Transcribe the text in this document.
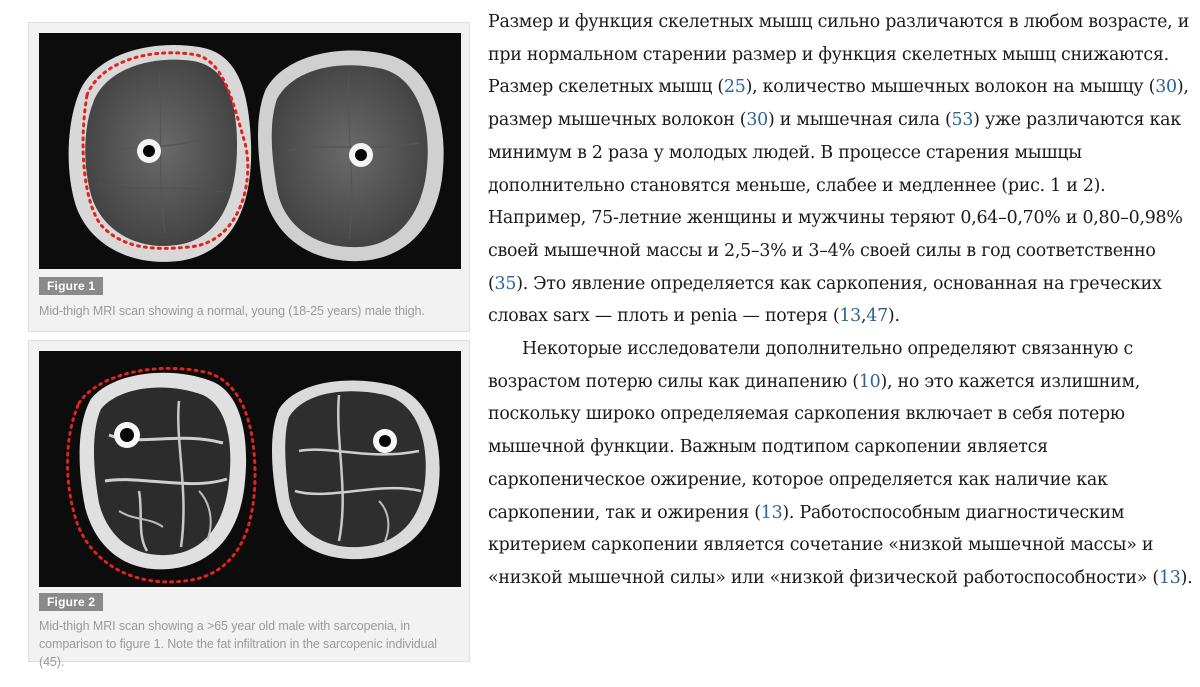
Figure 1
Mid-thigh MRI scan showing a normal, young (18-25 years) male thigh.
Figure 2
Mid-thigh MRI scan showing a >65 year old male with sarcopenia, in comparison to figure 1. Note the fat infiltration in the sarcopenic individual (45).

Размер и функция скелетных мышц сильно различаются в любом возрасте, и при нормальном старении размер и функция скелетных мышц снижаются. Размер скелетных мышц (25), количество мышечных волокон на мышцу (30), размер мышечных волокон (30) и мышечная сила (53) уже различаются как минимум в 2 раза у молодых людей. В процессе старения мышцы дополнительно становятся меньше, слабее и медленнее (рис. 1 и 2). Например, 75-летние женщины и мужчины теряют 0,64–0,70% и 0,80–0,98% своей мышечной массы и 2,5–3% и 3–4% своей силы в год соответственно (35). Это явление определяется как саркопения, основанная на греческих словах sarx — плоть и penia — потеря (13,47).

Некоторые исследователи дополнительно определяют связанную с возрастом потерю силы как динапению (10), но это кажется излишним, поскольку широко определяемая саркопения включает в себя потерю мышечной функции. Важным подтипом саркопении является саркопеническое ожирение, которое определяется как наличие как саркопении, так и ожирения (13). Работоспособным диагностическим критерием саркопении является сочетание «низкой мышечной массы» и «низкой мышечной силы» или «низкой физической работоспособности» (13).
